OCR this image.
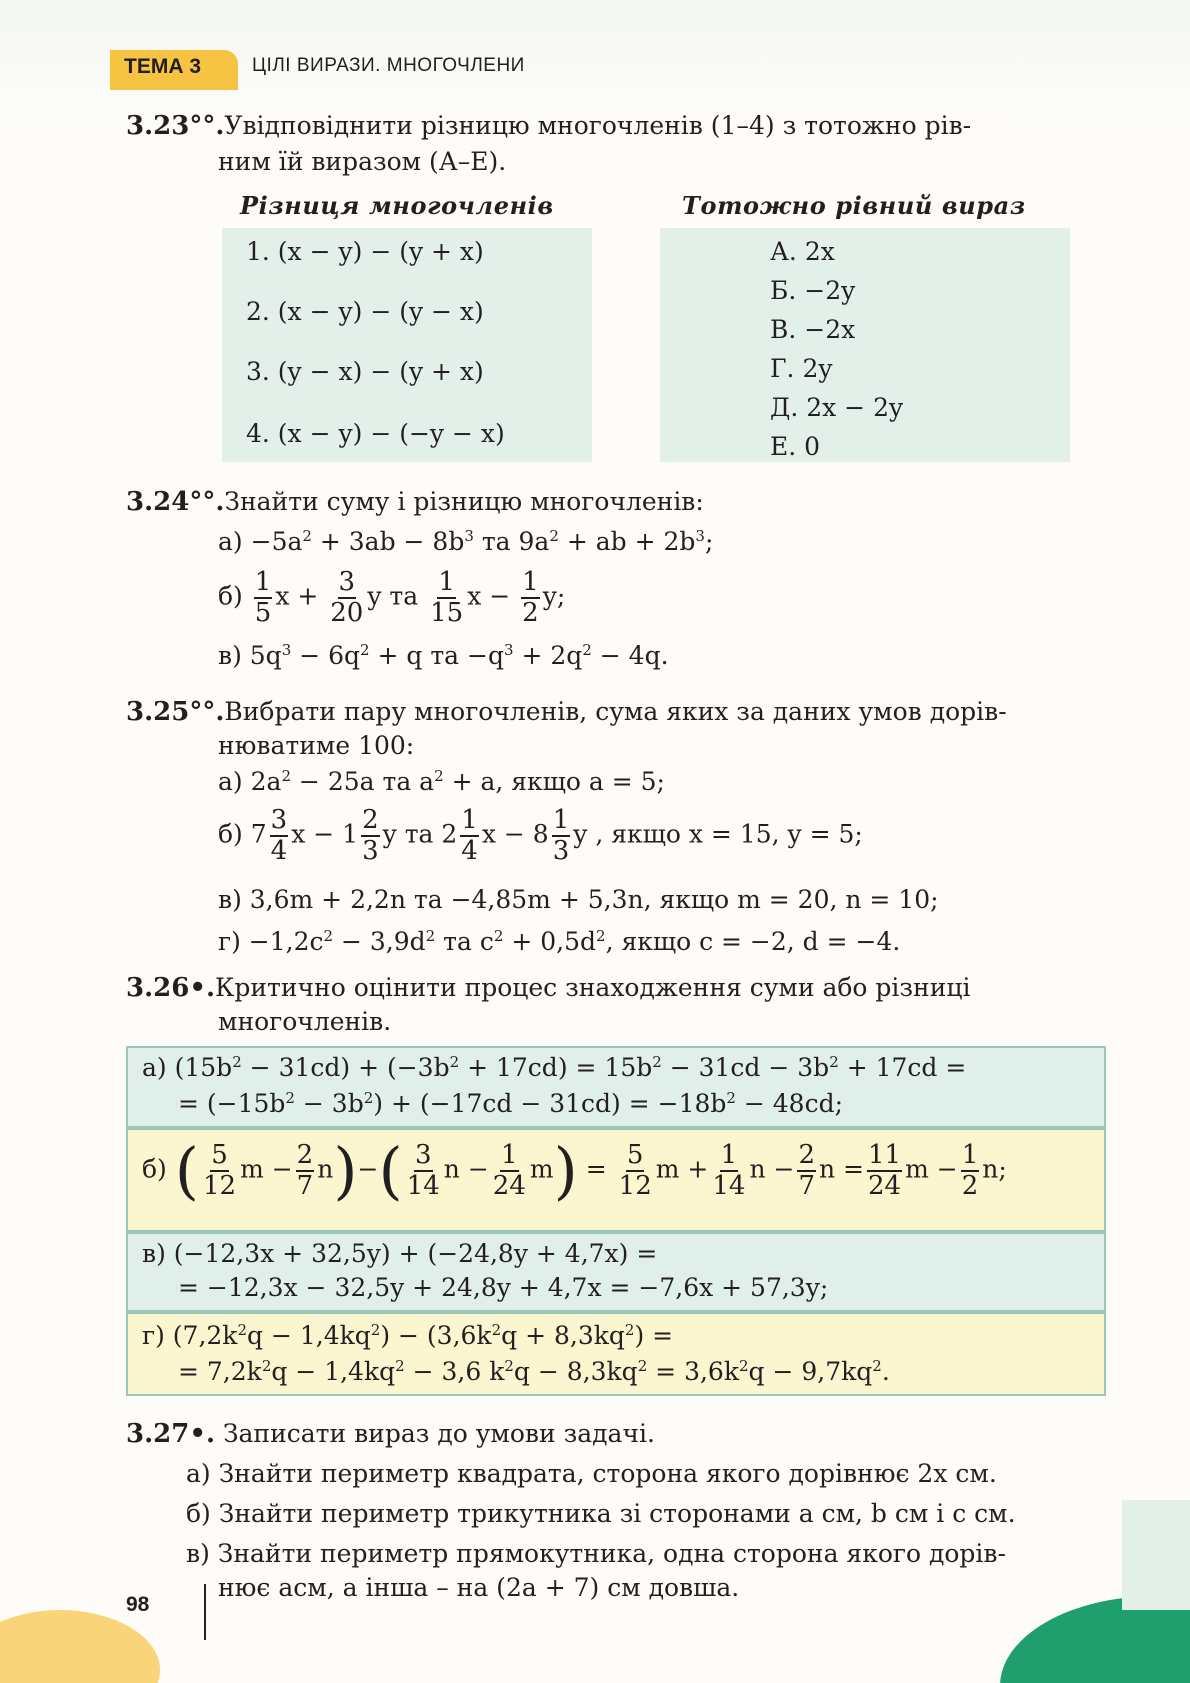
ТЕМА 3	ЦІЛІ ВИРАЗИ. МНОГОЧЛЕНИ
3.23°°.Увідповіднити різницю многочленів (1–4) з тотожно рів-
ним їй виразом (А–Е).
Різниця многочленів	Тотожно рівний вираз
1. (x − y) − (y + x)
2. (x − y) − (y − x)
3. (y − x) − (y + x)
4. (x − y) − (−y − x)
А. 2x
Б. −2y
В. −2x
Г. 2y
Д. 2x − 2y
Е. 0
3.24°°.Знайти суму і різницю многочленів:
$а) -5a^2 + 3ab - 8b^3$ та $9a^2$ + ab + $2b^3$;
$б) \frac{1}{5}$ $x + \frac{3}{20}$ y та $\frac{1}{15}$ $x - \frac{1}{2} y$;
в) $5q^3 - 6q^2 + q$ та $-q^3 + 2q^2 - 4q$.
3.25°°.Вибрати пару многочленів, сума яких за даних умов дорів-
нюватиме 100:
а) $2a^2 - 25a$ та $a^2 + a$, якщо a = 5;
б) $7 \frac{3}{4}$ $x - 1 \frac{2}{3}$ y та $2 \frac{1}{4}$ $x - 8 \frac{1}{3}$ y , якщо x = 15, y = 5;
в) 3,6m + 2,2n та −4,85m + 5,3n, якщо m = 20, n = 10;
$г) -1,2c^2 - 3,9d^2$ та $c^2 + 0,5d^2$, якщо c = −2, d = −4.
3.26•.Критично оцінити процес знаходження суми або різниці
многочленів.
а) $(15b^2 - 31cd) + (-3b^2 + 17cd) = 15b^2 - 31cd - 3b^2 + 17cd$ =
= $(-15b^2 - 3b^2) + (-17cd - 31cd) = -18b^2 - 48cd$;
б) ( $\frac{5}{12}$ $m - \frac{2}{7} n)-( \frac{3}{14}$ $n - \frac{1}{24} m) = \frac{5}{12}$ $m + \frac{1}{14}$ $n - \frac{2}{7}$ $n = \frac{11}{24}$ $m - \frac{1}{2} n$;
в) (−12,3x + 32,5y) + (−24,8y + 4,7x) =
= −12,3x − 32,5y + 24,8y + 4,7x = −7,6x + 57,3y;
г) $(7,2k^2q - 1,4kq^2) - (3,6k^2q + 8,3kq^2)$ =
= $7,2k^2q - 1,4kq^2 - 3,6$ $k^2q - 8,3kq^2 = 3,6k^2q - 9,7kq^2$.
3.27•. Записати вираз до умови задачі.
а) Знайти периметр квадрата, сторона якого дорівнює 2x см.
б) Знайти периметр трикутника зі сторонами a см, b см і c см.
в) Знайти периметр прямокутника, одна сторона якого дорів-
нює aсм, а інша – на (2a + 7) см довша.
98
